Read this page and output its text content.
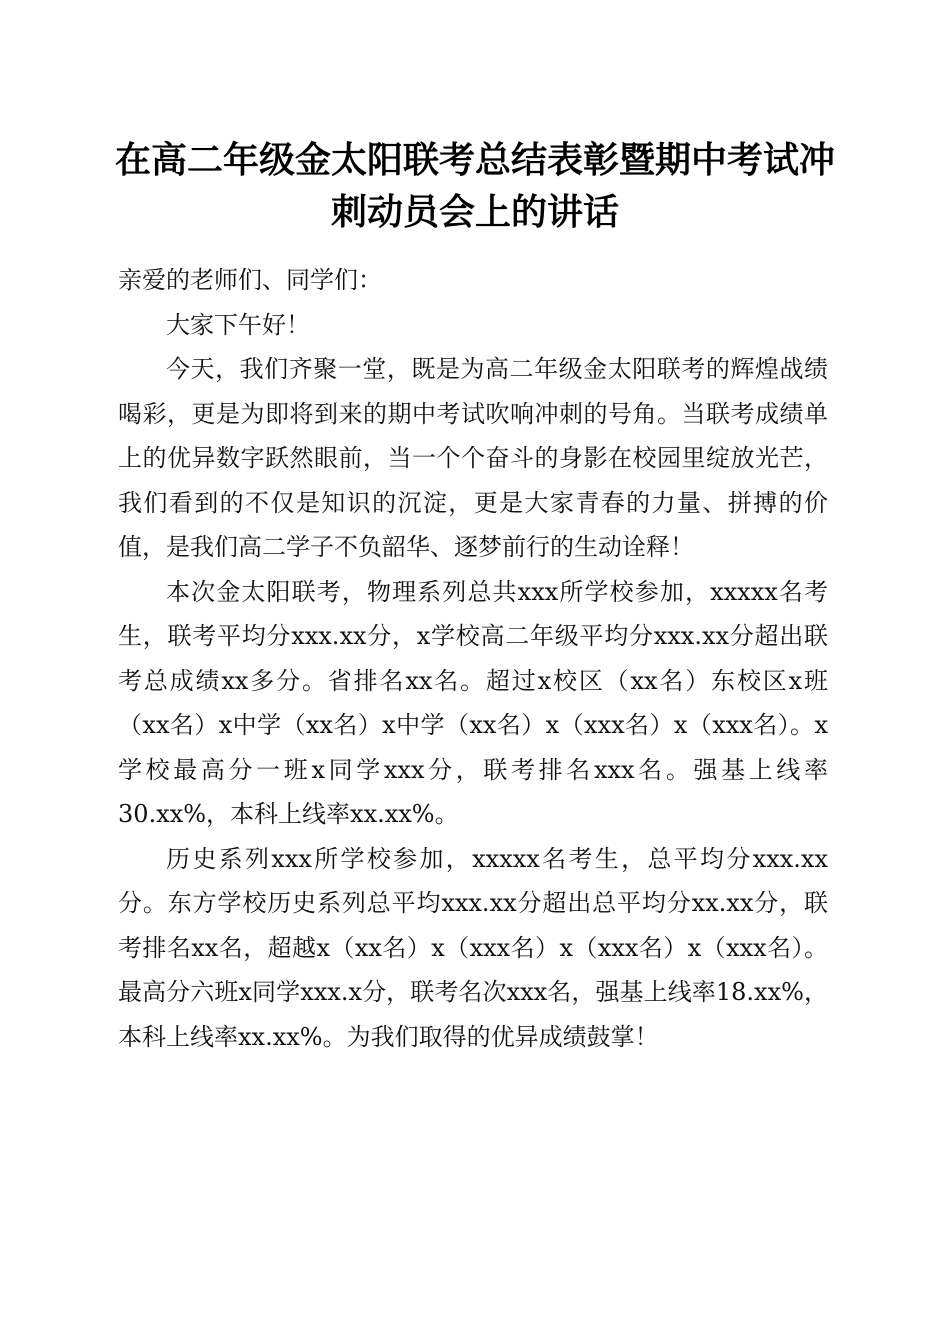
在高二年级金太阳联考总结表彰暨期中考试冲
刺动员会上的讲话

亲爱的老师们、同学们：

大家下午好！

今天，我们齐聚一堂，既是为高二年级金太阳联考的辉煌战绩喝彩，更是为即将到来的期中考试吹响冲刺的号角。当联考成绩单上的优异数字跃然眼前，当一个个奋斗的身影在校园里绽放光芒，我们看到的不仅是知识的沉淀，更是大家青春的力量、拼搏的价值，是我们高二学子不负韶华、逐梦前行的生动诠释！

本次金太阳联考，物理系列总共xxx所学校参加，xxxxx名考生，联考平均分xxx.xx分，x学校高二年级平均分xxx.xx分超出联考总成绩xx多分。省排名xx名。超过x校区（xx名）东校区x班（xx名）x中学（xx名）x中学（xx名）x（xxx名）x（xxx名）。x学校最高分一班x同学xxx分，联考排名xxx名。强基上线率30.xx%，本科上线率xx.xx%。

历史系列xxx所学校参加，xxxxx名考生，总平均分xxx.xx分。东方学校历史系列总平均xxx.xx分超出总平均分xx.xx分，联考排名xx名，超越x（xx名）x（xxx名）x（xxx名）x（xxx名）。最高分六班x同学xxx.x分，联考名次xxx名，强基上线率18.xx%，本科上线率xx.xx%。为我们取得的优异成绩鼓掌！
